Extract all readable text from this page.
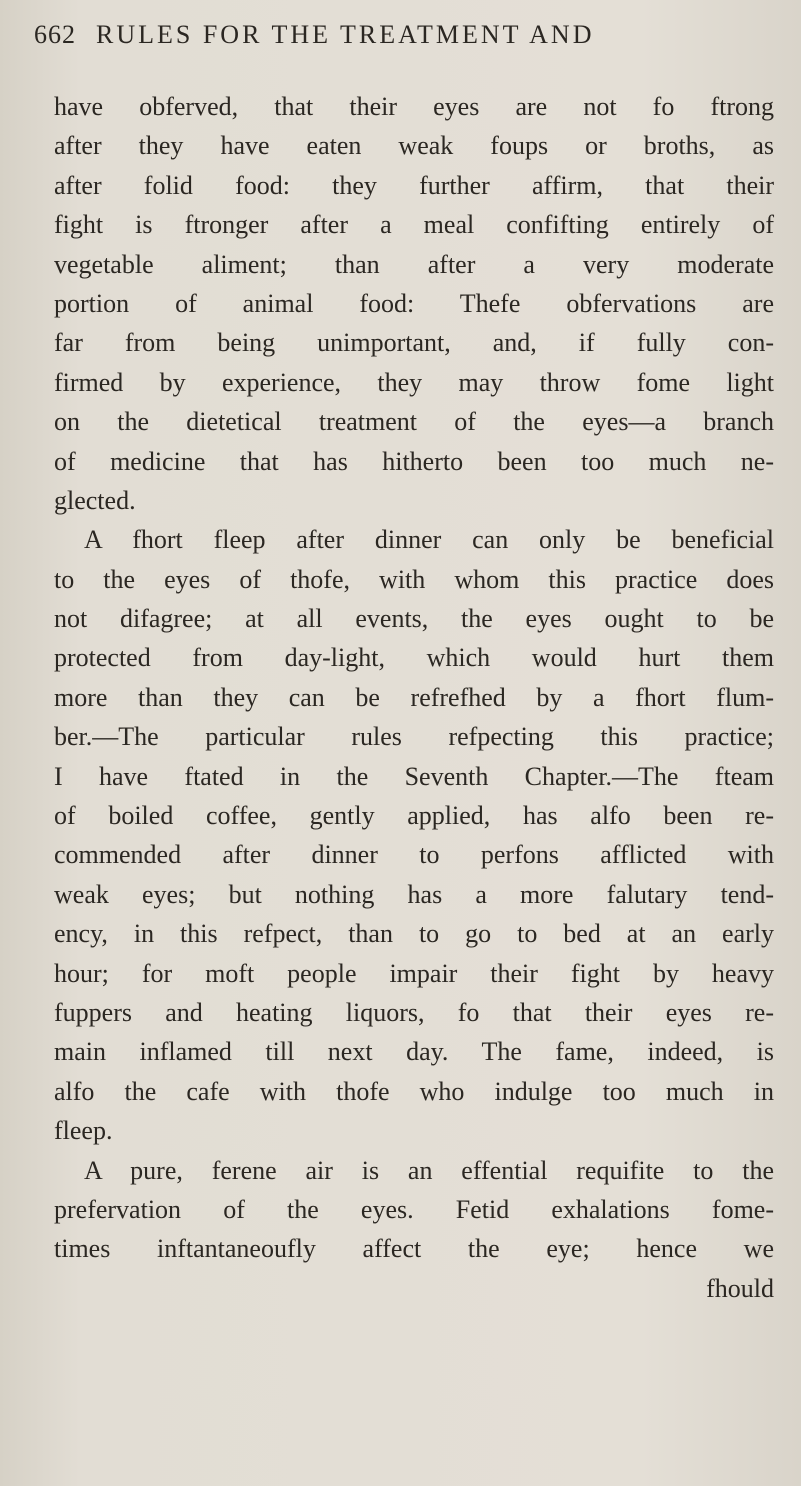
662 RULES FOR THE TREATMENT AND
have obferved, that their eyes are not fo ftrong
after they have eaten weak foups or broths, as
after folid food: they further affirm, that their
fight is ftronger after a meal confifting entirely of
vegetable aliment; than after a very moderate
portion of animal food: Thefe obfervations are
far from being unimportant, and, if fully con-
firmed by experience, they may throw fome light
on the dietetical treatment of the eyes—a branch
of medicine that has hitherto been too much ne-
glected.
A fhort fleep after dinner can only be beneficial
to the eyes of thofe, with whom this practice does
not difagree; at all events, the eyes ought to be
protected from day-light, which would hurt them
more than they can be refrefhed by a fhort flum-
ber.—The particular rules refpecting this practice;
I have ftated in the Seventh Chapter.—The fteam
of boiled coffee, gently applied, has alfo been re-
commended after dinner to perfons afflicted with
weak eyes; but nothing has a more falutary tend-
ency, in this refpect, than to go to bed at an early
hour; for moft people impair their fight by heavy
fuppers and heating liquors, fo that their eyes re-
main inflamed till next day. The fame, indeed, is
alfo the cafe with thofe who indulge too much in
fleep.
A pure, ferene air is an effential requifite to the
prefervation of the eyes. Fetid exhalations fome-
times inftantaneoufly affect the eye; hence we
fhould
